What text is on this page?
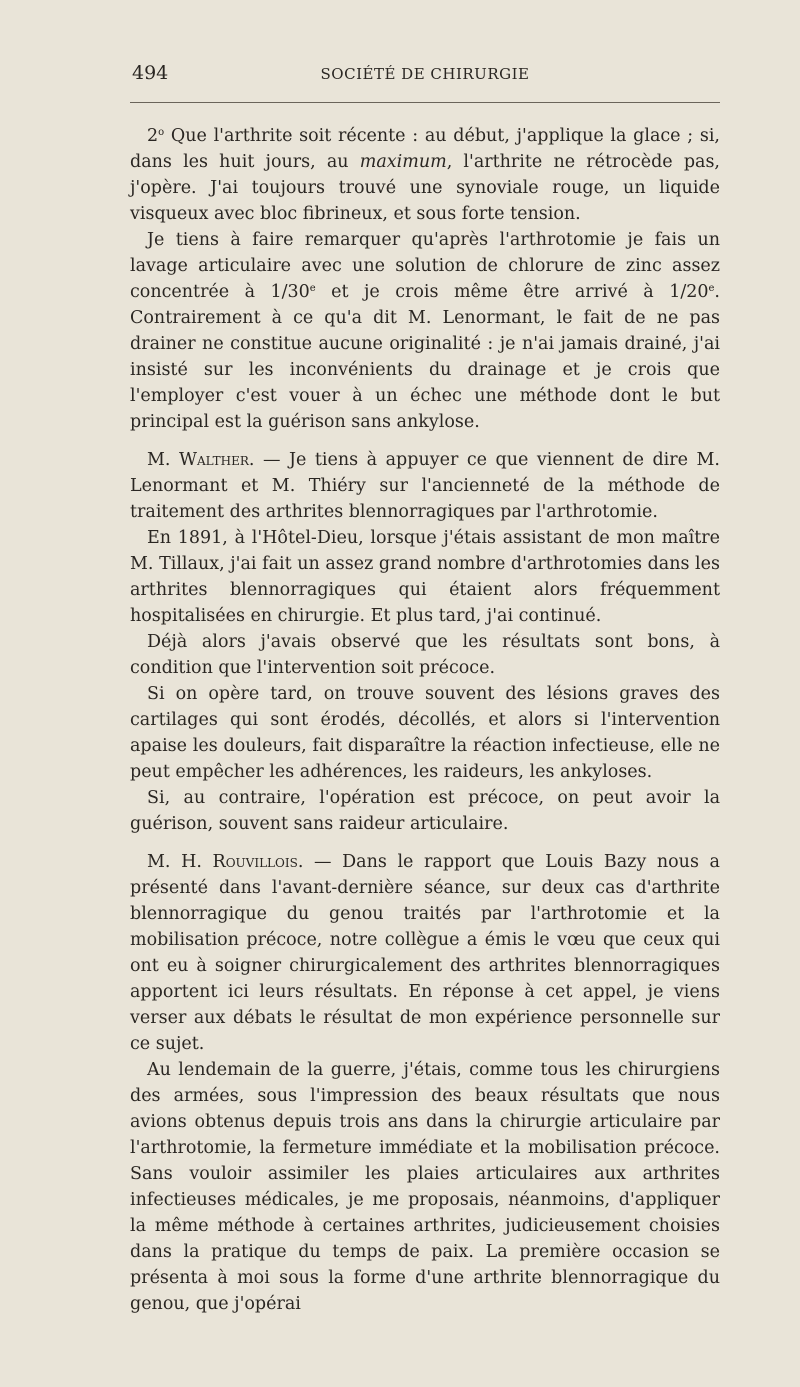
494	SOCIÉTÉ DE CHIRURGIE

2$^o$ Que l'arthrite soit récente : au début, j'applique la glace ; si, dans les huit jours, au maximum, l'arthrite ne rétrocède pas, j'opère. J'ai toujours trouvé une synoviale rouge, un liquide visqueux avec bloc fibrineux, et sous forte tension.

Je tiens à faire remarquer qu'après l'arthrotomie je fais un lavage articulaire avec une solution de chlorure de zinc assez concentrée à 1/30e et je crois même être arrivé à 1/20e. Contrairement à ce qu'a dit M. Lenormant, le fait de ne pas drainer ne constitue aucune originalité : je n'ai jamais drainé, j'ai insisté sur les inconvénients du drainage et je crois que l'employer c'est vouer à un échec une méthode dont le but principal est la guérison sans ankylose.

M. Walther. — Je tiens à appuyer ce que viennent de dire M. Lenormant et M. Thiéry sur l'ancienneté de la méthode de traitement des arthrites blennorragiques par l'arthrotomie.

En 1891, à l'Hôtel-Dieu, lorsque j'étais assistant de mon maître M. Tillaux, j'ai fait un assez grand nombre d'arthrotomies dans les arthrites blennorragiques qui étaient alors fréquemment hospitalisées en chirurgie. Et plus tard, j'ai continué.

Déjà alors j'avais observé que les résultats sont bons, à condition que l'intervention soit précoce.

Si on opère tard, on trouve souvent des lésions graves des cartilages qui sont érodés, décollés, et alors si l'intervention apaise les douleurs, fait disparaître la réaction infectieuse, elle ne peut empêcher les adhérences, les raideurs, les ankyloses.

Si, au contraire, l'opération est précoce, on peut avoir la guérison, souvent sans raideur articulaire.

M. H. Rouvillois. — Dans le rapport que Louis Bazy nous a présenté dans l'avant-dernière séance, sur deux cas d'arthrite blennorragique du genou traités par l'arthrotomie et la mobilisation précoce, notre collègue a émis le vœu que ceux qui ont eu à soigner chirurgicalement des arthrites blennorragiques apportent ici leurs résultats. En réponse à cet appel, je viens verser aux débats le résultat de mon expérience personnelle sur ce sujet.

Au lendemain de la guerre, j'étais, comme tous les chirurgiens des armées, sous l'impression des beaux résultats que nous avions obtenus depuis trois ans dans la chirurgie articulaire par l'arthrotomie, la fermeture immédiate et la mobilisation précoce. Sans vouloir assimiler les plaies articulaires aux arthrites infectieuses médicales, je me proposais, néanmoins, d'appliquer la même méthode à certaines arthrites, judicieusement choisies dans la pratique du temps de paix. La première occasion se présenta à moi sous la forme d'une arthrite blennorragique du genou, que j'opérai
